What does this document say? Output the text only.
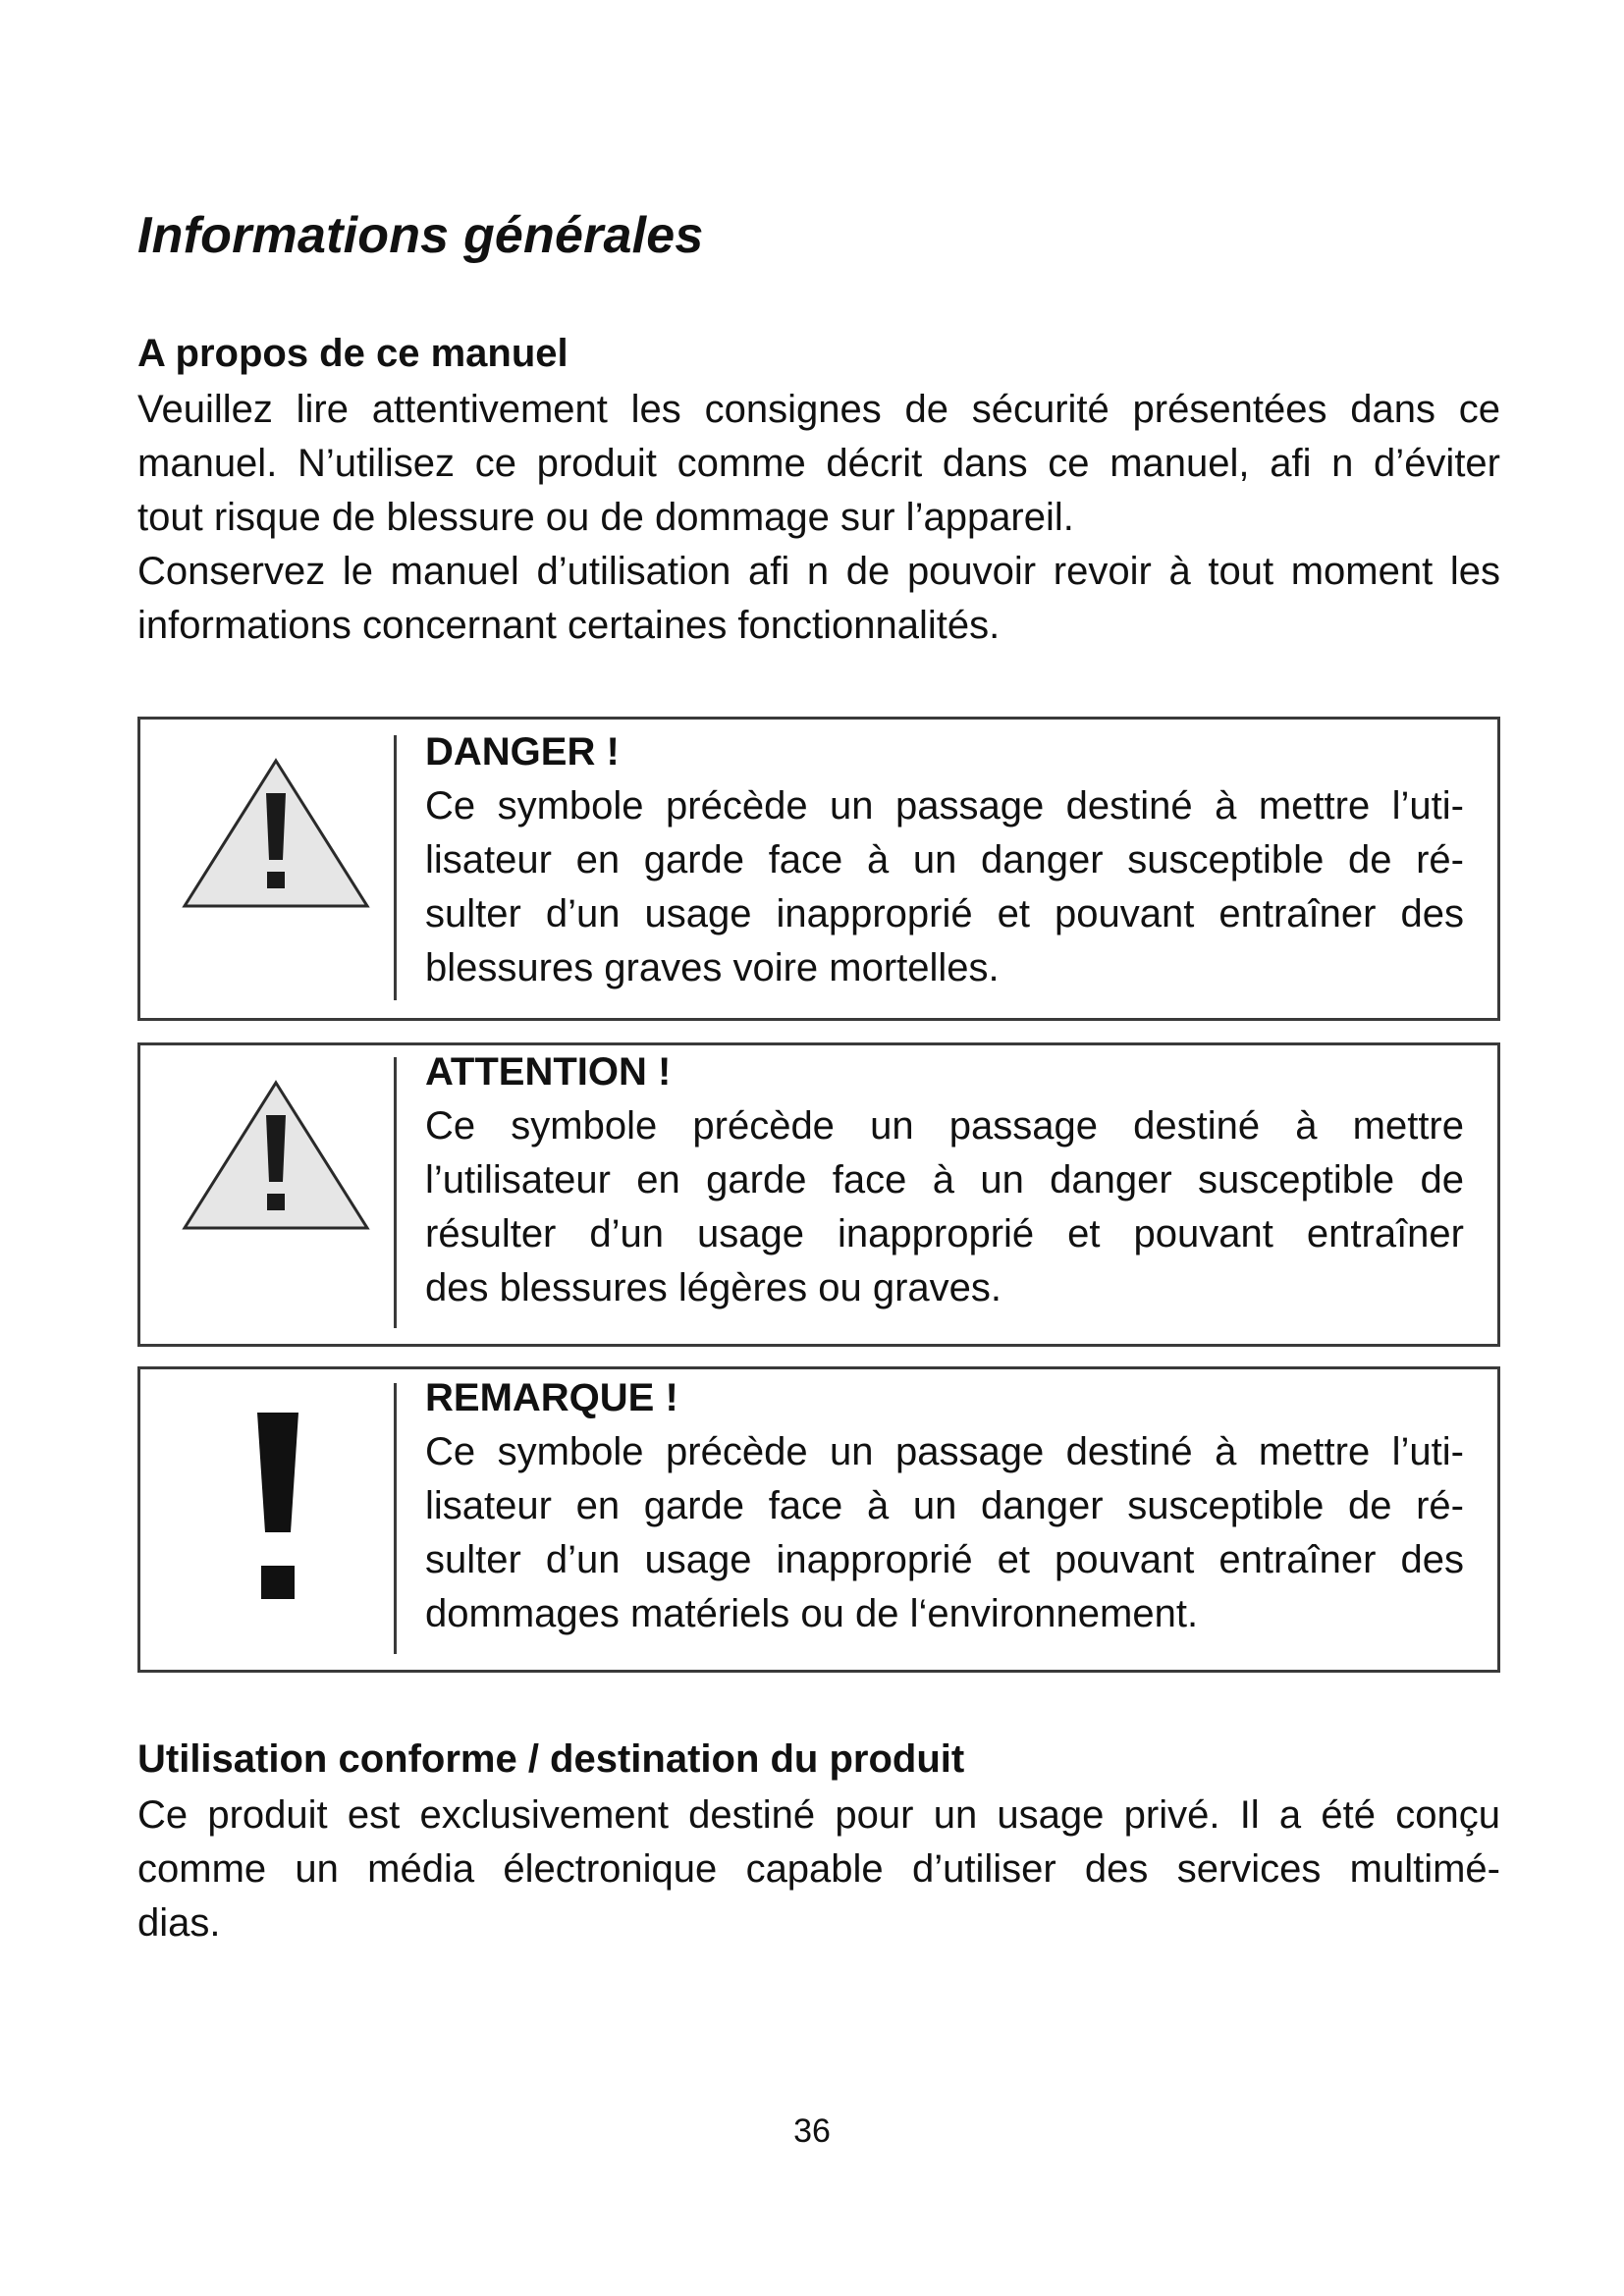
Informations générales
A propos de ce manuel
Veuillez lire attentivement les consignes de sécurité présentées dans ce
manuel. N’utilisez ce produit comme décrit dans ce manuel, afi n d’éviter
tout risque de blessure ou de dommage sur l’appareil.
Conservez le manuel d’utilisation afi n de pouvoir revoir à tout moment les
informations concernant certaines fonctionnalités.

DANGER !

Ce symbole précède un passage destiné à mettre l’uti-
lisateur en garde face à un danger susceptible de ré-
sulter d’un usage inapproprié et pouvant entraîner des
blessures graves voire mortelles.

ATTENTION !

Ce symbole précède un passage destiné à mettre
l’utilisateur en garde face à un danger susceptible de
résulter d’un usage inapproprié et pouvant entraîner
des blessures légères ou graves.

REMARQUE !

Ce symbole précède un passage destiné à mettre l’uti-
lisateur en garde face à un danger susceptible de ré-
sulter d’un usage inapproprié et pouvant entraîner des
dommages matériels ou de l‘environnement.

Utilisation conforme / destination du produit
Ce produit est exclusivement destiné pour un usage privé. Il a été conçu
comme un média électronique capable d’utiliser des services multimé-
dias.

36
